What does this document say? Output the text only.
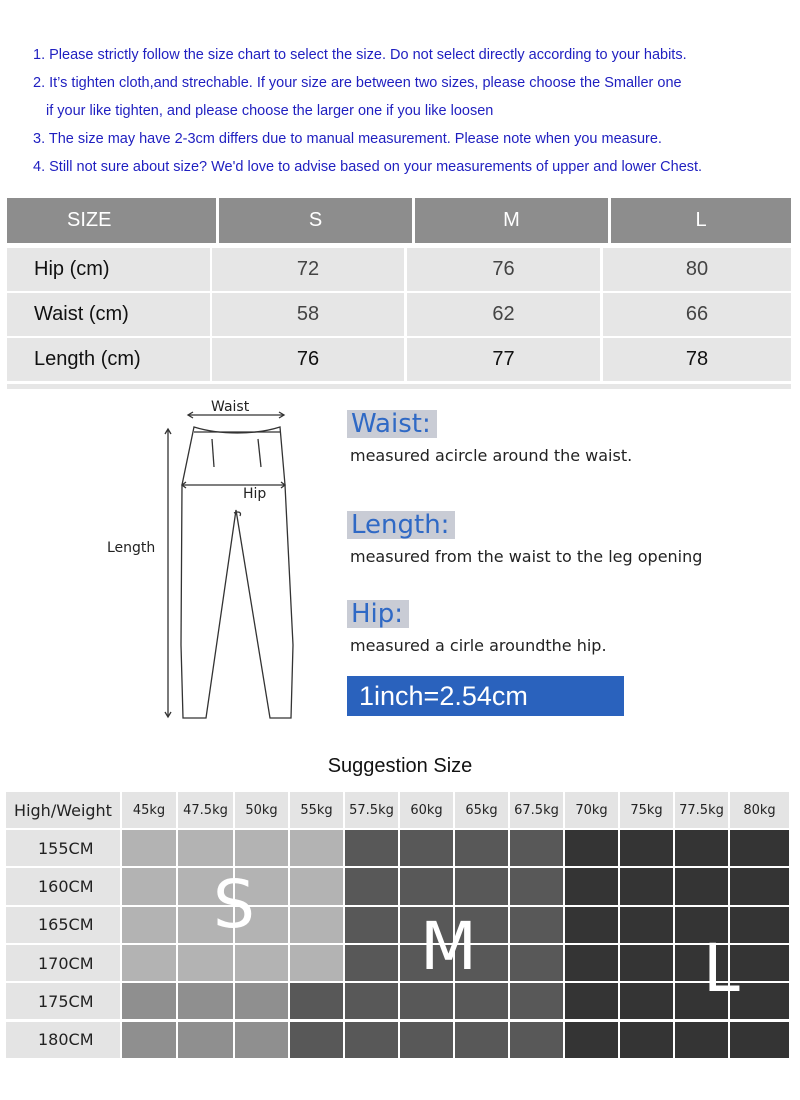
1. Please strictly follow the size chart to select the size. Do not select directly according to your habits.
2. It’s tighten cloth,and strechable. If your size are between two sizes, please choose the Smaller one
if your like tighten, and please choose the larger one if you like loosen
3. The size may have 2-3cm differs due to manual measurement. Please note when you measure.
4. Still not sure about size? We'd love to advise based on your measurements of upper and lower Chest.
SIZE	S	M	L
Hip (cm)	72	76	80
Waist (cm)	58	62	66
Length (cm)	76	77	78
Waist
Hip
Length
Waist:
measured acircle around the waist.
Length:
measured from the waist to the leg opening
Hip:
measured a cirle aroundthe hip.
1inch=2.54cm
Suggestion Size
High/Weight	45kg	47.5kg	50kg	55kg	57.5kg	60kg	65kg	67.5kg	70kg	75kg	77.5kg	80kg
155CM
160CM
165CM
170CM
175CM
180CM
S
M	L
